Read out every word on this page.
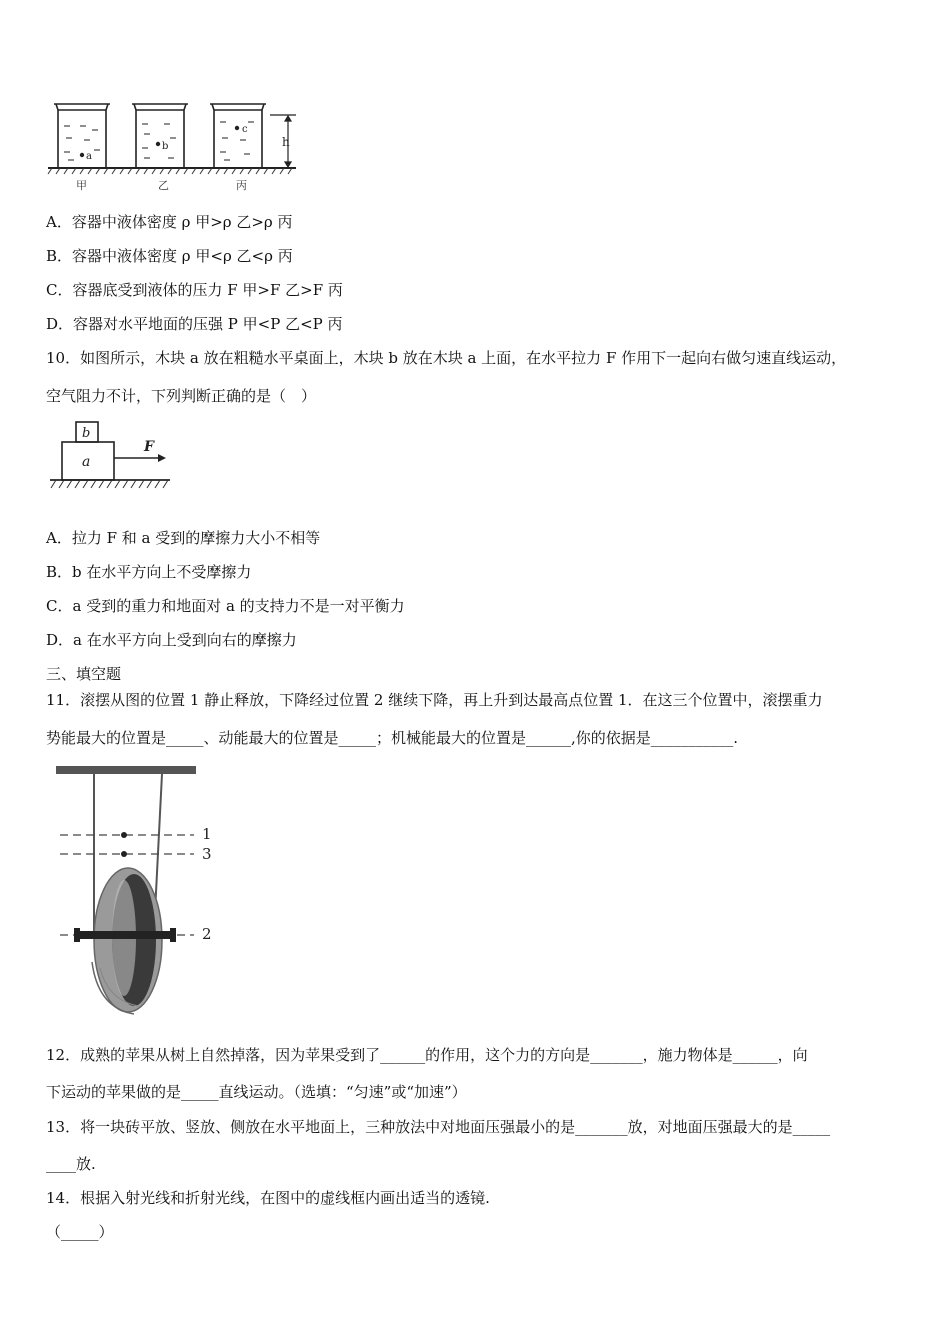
a
b
c
h
甲	乙	丙
A．容器中液体密度 ρ 甲>ρ 乙>ρ 丙
B．容器中液体密度 ρ 甲<ρ 乙<ρ 丙
C．容器底受到液体的压力 F 甲>F 乙>F 丙
D．容器对水平地面的压强 P 甲<P 乙<P 丙
10．如图所示，木块 a 放在粗糙水平桌面上，木块 b 放在木块 a 上面，在水平拉力 F 作用下一起向右做匀速直线运动，
空气阻力不计，下列判断正确的是（　）
a
b
F
A．拉力 F 和 a 受到的摩擦力大小不相等
B．b 在水平方向上不受摩擦力
C．a 受到的重力和地面对 a 的支持力不是一对平衡力
D．a 在水平方向上受到向右的摩擦力
三、填空题
11．滚摆从图的位置 1 静止释放，下降经过位置 2 继续下降，再上升到达最高点位置 1．在这三个位置中，滚摆重力
势能最大的位置是_____、动能最大的位置是_____；机械能最大的位置是______,你的依据是___________.
1
3
2
12．成熟的苹果从树上自然掉落，因为苹果受到了______的作用，这个力的方向是_______，施力物体是______，向
下运动的苹果做的是_____直线运动。（选填：“匀速”或“加速”）
13．将一块砖平放、竖放、侧放在水平地面上，三种放法中对地面压强最小的是_______放，对地面压强最大的是_____
____放.
14．根据入射光线和折射光线，在图中的虚线框内画出适当的透镜.
（_____）
